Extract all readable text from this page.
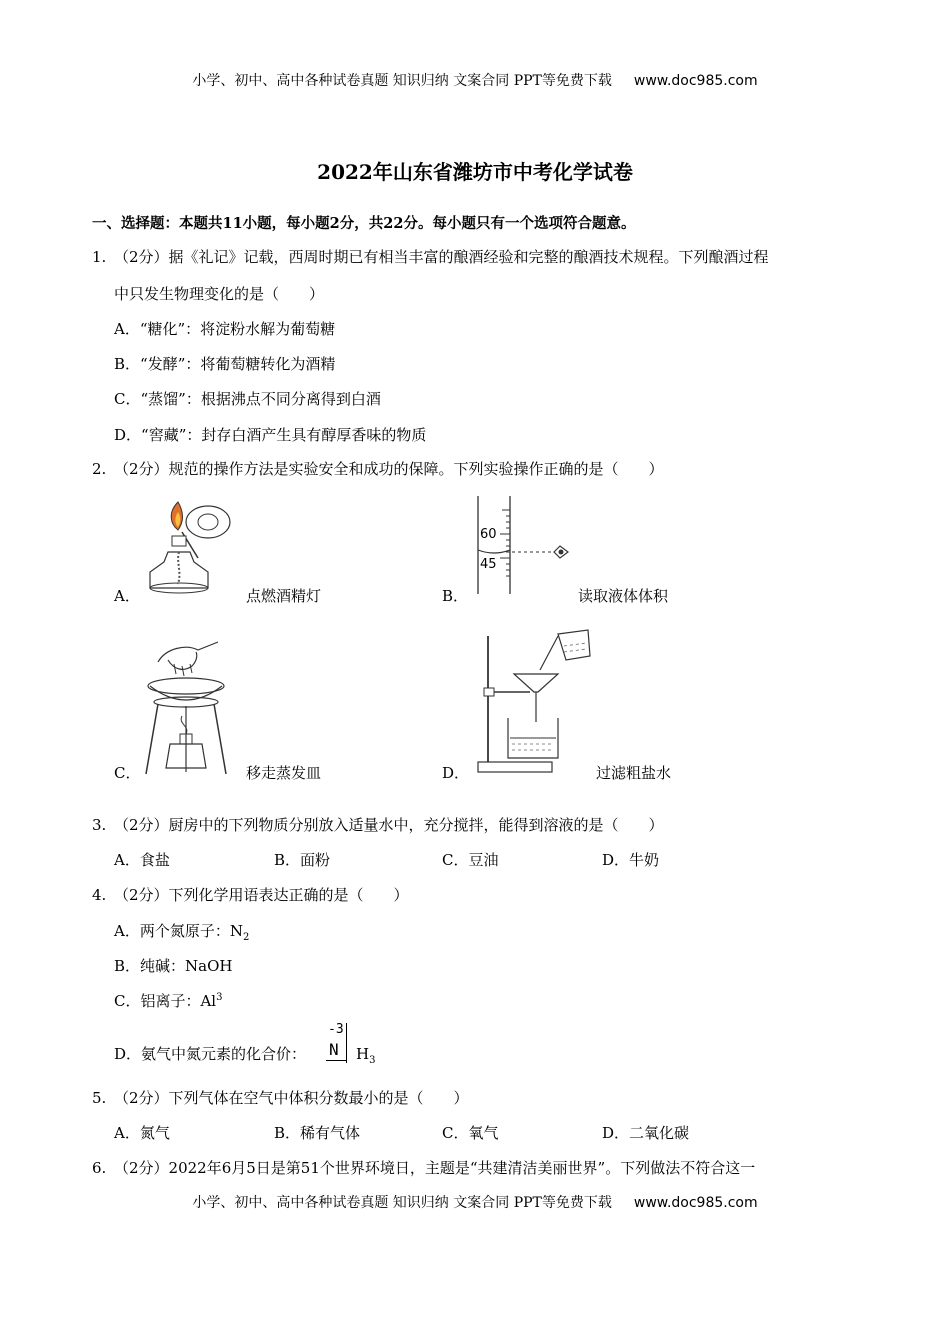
小学、初中、高中各种试卷真题 知识归纳 文案合同 PPT等免费下载 www.doc985.com
2022年山东省潍坊市中考化学试卷
一、选择题：本题共11小题，每小题2分，共22分。每小题只有一个选项符合题意。
1. （2分）据《礼记》记载，西周时期已有相当丰富的酿酒经验和完整的酿酒技术规程。下列酿酒过程
中只发生物理变化的是（　　）
A．“糖化”：将淀粉水解为葡萄糖
B．“发酵”：将葡萄糖转化为酒精
C．“蒸馏”：根据沸点不同分离得到白酒
D．“窖藏”：封存白酒产生具有醇厚香味的物质
2. （2分）规范的操作方法是实验安全和成功的保障。下列实验操作正确的是（　　）
A．	点燃酒精灯
60
45
B．	读取液体体积
C．	移走蒸发皿	D．	过滤粗盐水
3. （2分）厨房中的下列物质分别放入适量水中，充分搅拌，能得到溶液的是（　　）
A．食盐	B．面粉	C．豆油	D．牛奶
4. （2分）下列化学用语表达正确的是（　　）
A．两个氮原子：$N_2$
B．纯碱：NaOH
C．铝离子：Al$^3$
D．氨气中氮元素的化合价：
-3
N $H_3$
5. （2分）下列气体在空气中体积分数最小的是（　　）
A．氮气	B．稀有气体	C．氧气	D．二氧化碳
6. （2分）2022年6月5日是第51个世界环境日，主题是“共建清洁美丽世界”。下列做法不符合这一
小学、初中、高中各种试卷真题 知识归纳 文案合同 PPT等免费下载 www.doc985.com
